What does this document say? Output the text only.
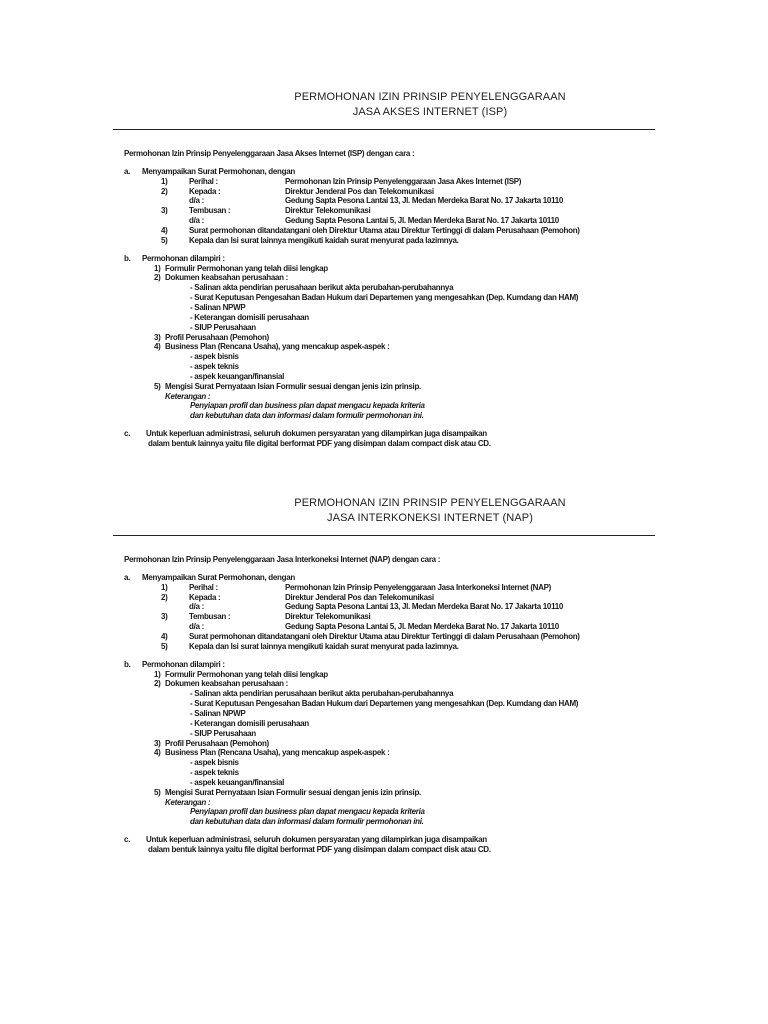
PERMOHONAN IZIN PRINSIP PENYELENGGARAAN
JASA AKSES INTERNET (ISP)
Permohonan Izin Prinsip Penyelenggaraan Jasa Akses Internet (ISP) dengan cara :
a. Menyampaikan Surat Permohonan, dengan
1)	Perihal :	Permohonan Izin Prinsip Penyelenggaraan Jasa Akes Internet (ISP)
2)	Kepada :	Direktur Jenderal Pos dan Telekomunikasi
d/a :	Gedung Sapta Pesona Lantai 13, Jl. Medan Merdeka Barat No. 17 Jakarta 10110
3)	Tembusan :	Direktur Telekomunikasi
d/a :	Gedung Sapta Pesona Lantai 5, Jl. Medan Merdeka Barat No. 17 Jakarta 10110
4)	Surat permohonan ditandatangani oleh Direktur Utama atau Direktur Tertinggi di dalam Perusahaan (Pemohon)
5)	Kepala dan Isi surat lainnya mengikuti kaidah surat menyurat pada lazimnya.
b. Permohonan dilampiri :
1) Formulir Permohonan yang telah diisi lengkap
2) Dokumen keabsahan perusahaan :
- Salinan akta pendirian perusahaan berikut akta perubahan-perubahannya
- Surat Keputusan Pengesahan Badan Hukum dari Departemen yang mengesahkan (Dep. Kumdang dan HAM)
- Salinan NPWP
- Keterangan domisili perusahaan
- SIUP Perusahaan
3) Profil Perusahaan (Pemohon)
4) Business Plan (Rencana Usaha), yang mencakup aspek-aspek :
- aspek bisnis
- aspek teknis
- aspek keuangan/finansial
5) Mengisi Surat Pernyataan Isian Formulir sesuai dengan jenis izin prinsip.
Keterangan :
Penyiapan profil dan business plan dapat mengacu kepada kriteria
dan kebutuhan data dan informasi dalam formulir permohonan ini.
c. Untuk keperluan administrasi, seluruh dokumen persyaratan yang dilampirkan juga disampaikan
dalam bentuk lainnya yaitu file digital berformat PDF yang disimpan dalam compact disk atau CD.
PERMOHONAN IZIN PRINSIP PENYELENGGARAAN
JASA INTERKONEKSI INTERNET (NAP)
Permohonan Izin Prinsip Penyelenggaraan Jasa Interkoneksi Internet (NAP) dengan cara :
a. Menyampaikan Surat Permohonan, dengan
1)	Perihal :	Permohonan Izin Prinsip Penyelenggaraan Jasa Interkoneksi Internet (NAP)
2)	Kepada :	Direktur Jenderal Pos dan Telekomunikasi
d/a :	Gedung Sapta Pesona Lantai 13, Jl. Medan Merdeka Barat No. 17 Jakarta 10110
3)	Tembusan :	Direktur Telekomunikasi
d/a :	Gedung Sapta Pesona Lantai 5, Jl. Medan Merdeka Barat No. 17 Jakarta 10110
4)	Surat permohonan ditandatangani oleh Direktur Utama atau Direktur Tertinggi di dalam Perusahaan (Pemohon)
5)	Kepala dan Isi surat lainnya mengikuti kaidah surat menyurat pada lazimnya.
b. Permohonan dilampiri :
1) Formulir Permohonan yang telah diisi lengkap
2) Dokumen keabsahan perusahaan :
- Salinan akta pendirian perusahaan berikut akta perubahan-perubahannya
- Surat Keputusan Pengesahan Badan Hukum dari Departemen yang mengesahkan (Dep. Kumdang dan HAM)
- Salinan NPWP
- Keterangan domisili perusahaan
- SIUP Perusahaan
3) Profil Perusahaan (Pemohon)
4) Business Plan (Rencana Usaha), yang mencakup aspek-aspek :
- aspek bisnis
- aspek teknis
- aspek keuangan/finansial
5) Mengisi Surat Pernyataan Isian Formulir sesuai dengan jenis izin prinsip.
Keterangan :
Penyiapan profil dan business plan dapat mengacu kepada kriteria
dan kebutuhan data dan informasi dalam formulir permohonan ini.
c. Untuk keperluan administrasi, seluruh dokumen persyaratan yang dilampirkan juga disampaikan
dalam bentuk lainnya yaitu file digital berformat PDF yang disimpan dalam compact disk atau CD.
